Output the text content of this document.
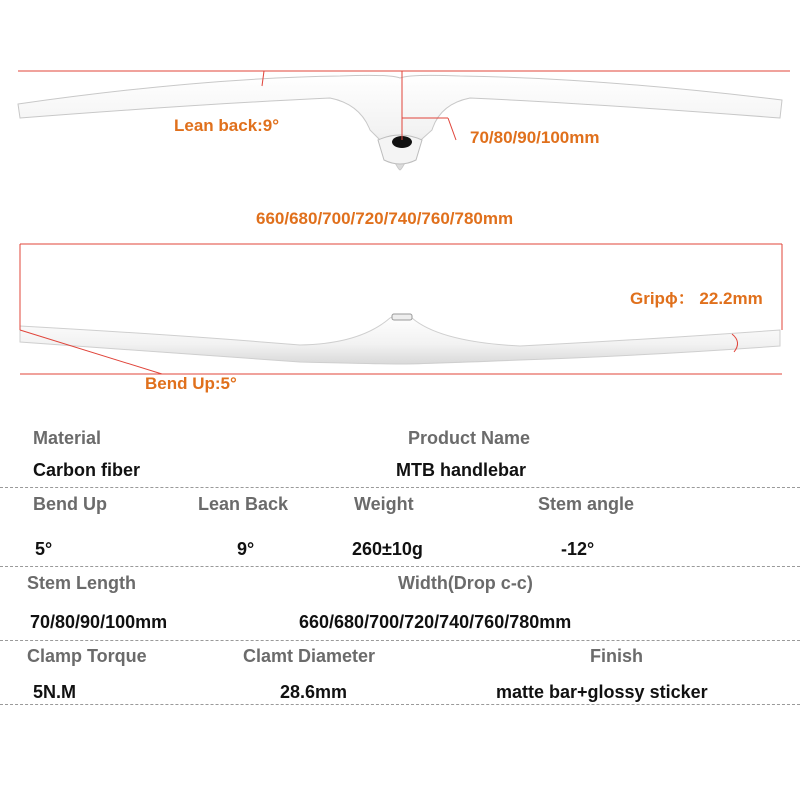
Lean back:9°
70/80/90/100mm
660/680/700/720/740/760/780mm
Gripϕ： 22.2mm
Bend Up:5°
Material	Product Name
Carbon fiber	MTB handlebar
Bend Up	Lean Back	Weight	Stem angle
5°	9°	260±10g	-12°
Stem Length	Width(Drop c-c)
70/80/90/100mm	660/680/700/720/740/760/780mm
Clamp Torque	Clamt Diameter	Finish
5N.M	28.6mm	matte bar+glossy sticker
